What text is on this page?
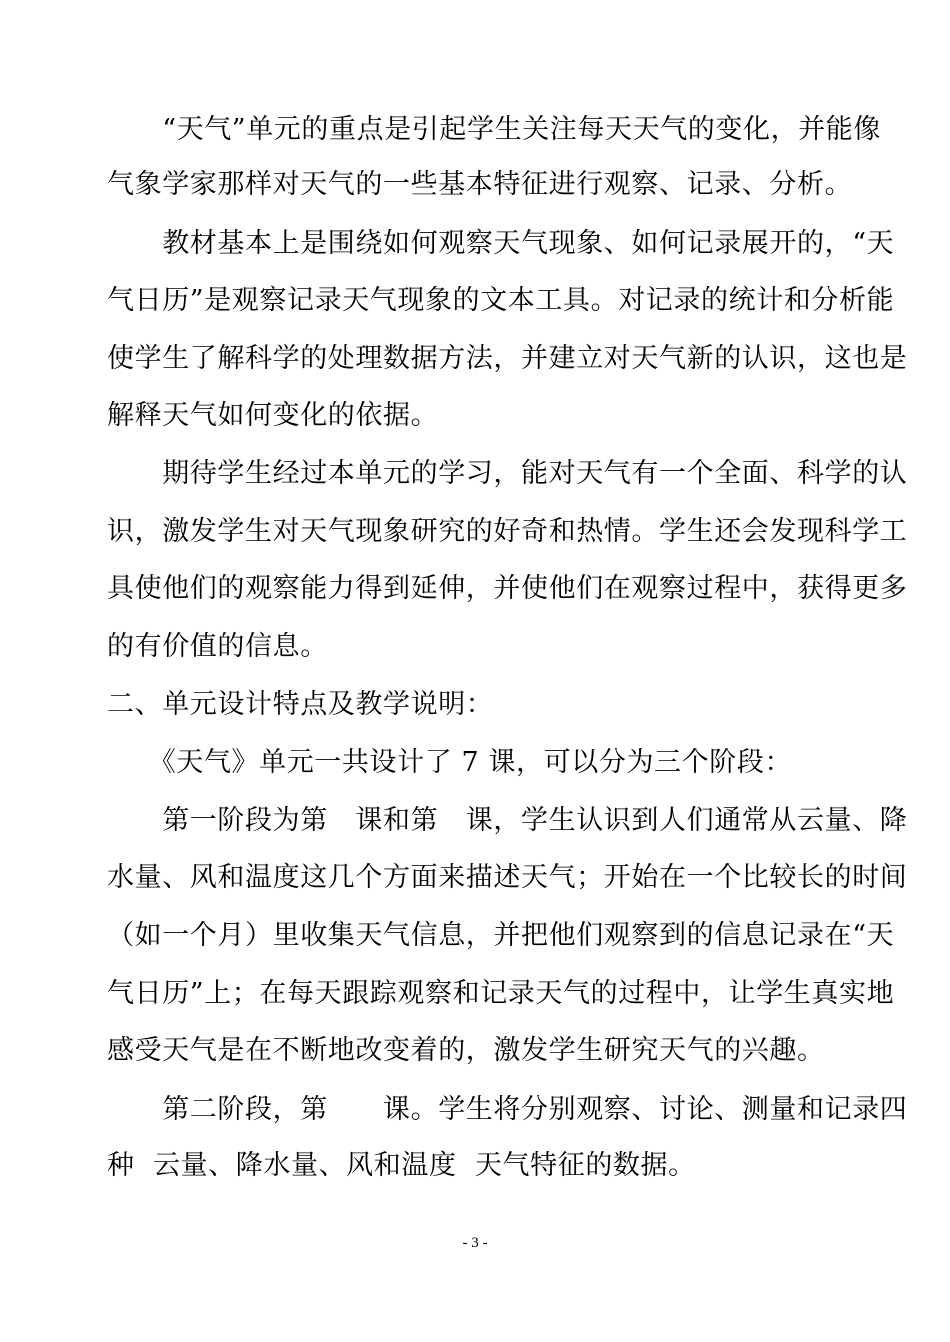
　　“天气”单元的重点是引起学生关注每天天气的变化，并能像
气象学家那样对天气的一些基本特征进行观察、记录、分析。
　　教材基本上是围绕如何观察天气现象、如何记录展开的，“天
气日历”是观察记录天气现象的文本工具。对记录的统计和分析能
使学生了解科学的处理数据方法，并建立对天气新的认识，这也是
解释天气如何变化的依据。
　　期待学生经过本单元的学习，能对天气有一个全面、科学的认
识，激发学生对天气现象研究的好奇和热情。学生还会发现科学工
具使他们的观察能力得到延伸，并使他们在观察过程中，获得更多
的有价值的信息。
二、单元设计特点及教学说明：
　　《天气》单元一共设计了 7 课，可以分为三个阶段：
　　第一阶段为第　课和第　课，学生认识到人们通常从云量、降
水量、风和温度这几个方面来描述天气；开始在一个比较长的时间
（如一个月）里收集天气信息，并把他们观察到的信息记录在“天
气日历”上；在每天跟踪观察和记录天气的过程中，让学生真实地
感受天气是在不断地改变着的，激发学生研究天气的兴趣。
　　第二阶段，第　　课。学生将分别观察、讨论、测量和记录四
种  云量、降水量、风和温度  天气特征的数据。
- 3 -
